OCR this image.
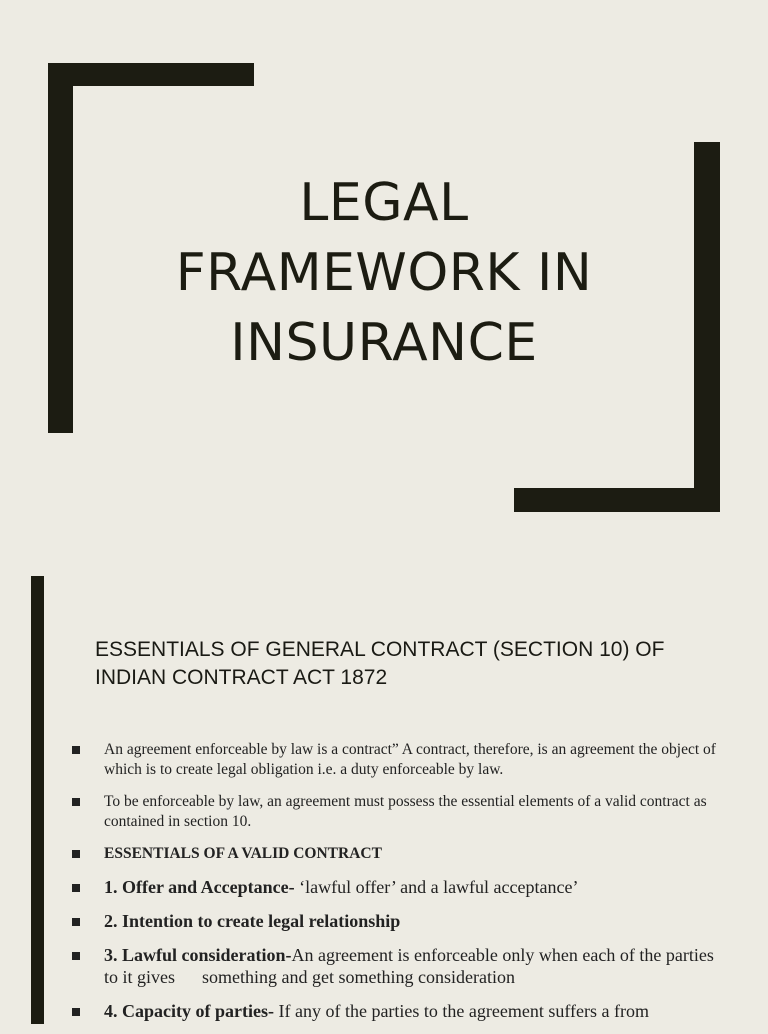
LEGAL
FRAMEWORK IN
INSURANCE
ESSENTIALS OF GENERAL CONTRACT (SECTION 10) OF
INDIAN CONTRACT ACT 1872
An agreement enforceable by law is a contract” A contract, therefore, is an agreement the object of which is to create legal obligation i.e. a duty enforceable by law.
To be enforceable by law, an agreement must possess the essential elements of a valid contract as contained in section 10.
ESSENTIALS OF A VALID CONTRACT
1. Offer and Acceptance- ‘lawful offer’ and a lawful acceptance’
2. Intention to create legal relationship
3. Lawful consideration-An agreement is enforceable only when each of the parties to it gives      something and get something consideration
4. Capacity of parties- If any of the parties to the agreement suffers a from
